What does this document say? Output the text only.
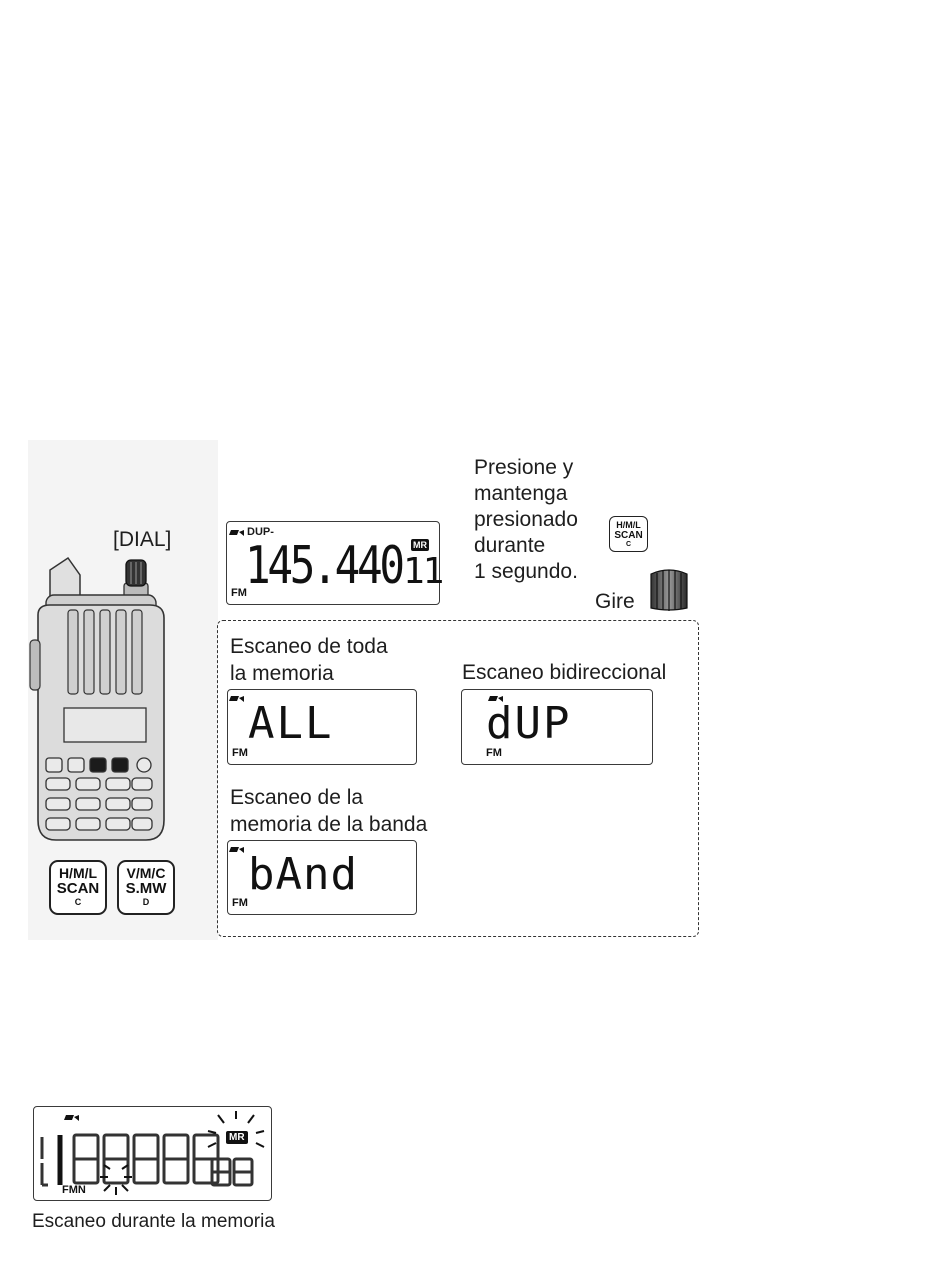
[DIAL]
H/M/L
SCAN
C
V/M/C
S.MW
D
DUP-
145.440 MR
11
FM
Presione y
mantenga
presionado
durante
1 segundo.
H/M/L
SCAN
C
Gire
Escaneo de toda
la memoria
ALL
FM
Escaneo bidireccional
dUP
FM
Escaneo de la
memoria de la banda
bAnd
FM
MR
FMN
Escaneo durante la memoria
